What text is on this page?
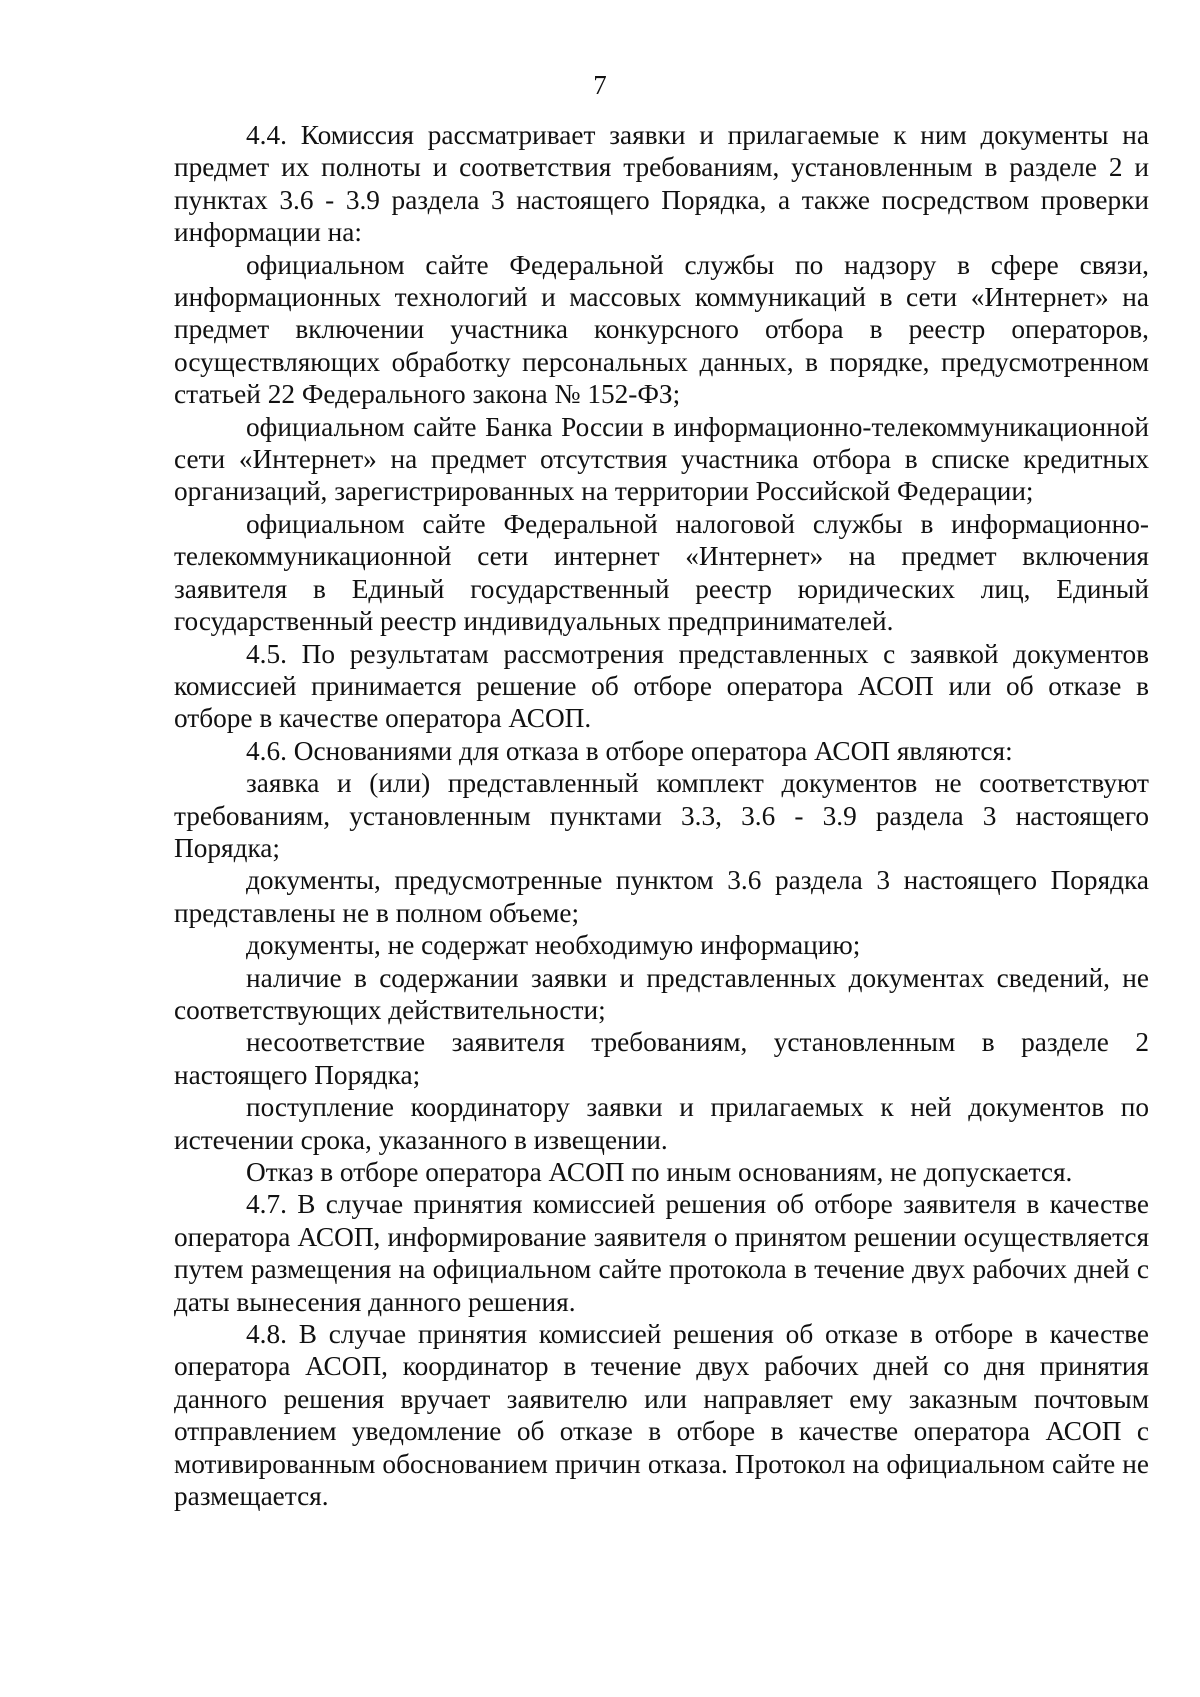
7

4.4. Комиссия рассматривает заявки и прилагаемые к ним документы на предмет их полноты и соответствия требованиям, установленным в разделе 2 и пунктах 3.6 - 3.9 раздела 3 настоящего Порядка, а также посредством проверки информации на:

официальном сайте Федеральной службы по надзору в сфере связи, информационных технологий и массовых коммуникаций в сети «Интернет» на предмет включении участника конкурсного отбора в реестр операторов, осуществляющих обработку персональных данных, в порядке, предусмотренном статьей 22 Федерального закона № 152-ФЗ;

официальном сайте Банка России в информационно-телекоммуникационной сети «Интернет» на предмет отсутствия участника отбора в списке кредитных организаций, зарегистрированных на территории Российской Федерации;

официальном сайте Федеральной налоговой службы в информационно-телекоммуникационной сети интернет «Интернет» на предмет включения заявителя в Единый государственный реестр юридических лиц, Единый государственный реестр индивидуальных предпринимателей.

4.5. По результатам рассмотрения представленных с заявкой документов комиссией принимается решение об отборе оператора АСОП или об отказе в отборе в качестве оператора АСОП.

4.6. Основаниями для отказа в отборе оператора АСОП являются:

заявка и (или) представленный комплект документов не соответствуют требованиям, установленным пунктами 3.3, 3.6 - 3.9 раздела 3 настоящего Порядка;

документы, предусмотренные пунктом 3.6 раздела 3 настоящего Порядка представлены не в полном объеме;

документы, не содержат необходимую информацию;

наличие в содержании заявки и представленных документах сведений, не соответствующих действительности;

несоответствие заявителя требованиям, установленным в разделе 2 настоящего Порядка;

поступление координатору заявки и прилагаемых к ней документов по истечении срока, указанного в извещении.

Отказ в отборе оператора АСОП по иным основаниям, не допускается.

4.7. В случае принятия комиссией решения об отборе заявителя в качестве оператора АСОП, информирование заявителя о принятом решении осуществляется путем размещения на официальном сайте протокола в течение двух рабочих дней с даты вынесения данного решения.

4.8. В случае принятия комиссией решения об отказе в отборе в качестве оператора АСОП, координатор в течение двух рабочих дней со дня принятия данного решения вручает заявителю или направляет ему заказным почтовым отправлением уведомление об отказе в отборе в качестве оператора АСОП с мотивированным обоснованием причин отказа. Протокол на официальном сайте не размещается.
